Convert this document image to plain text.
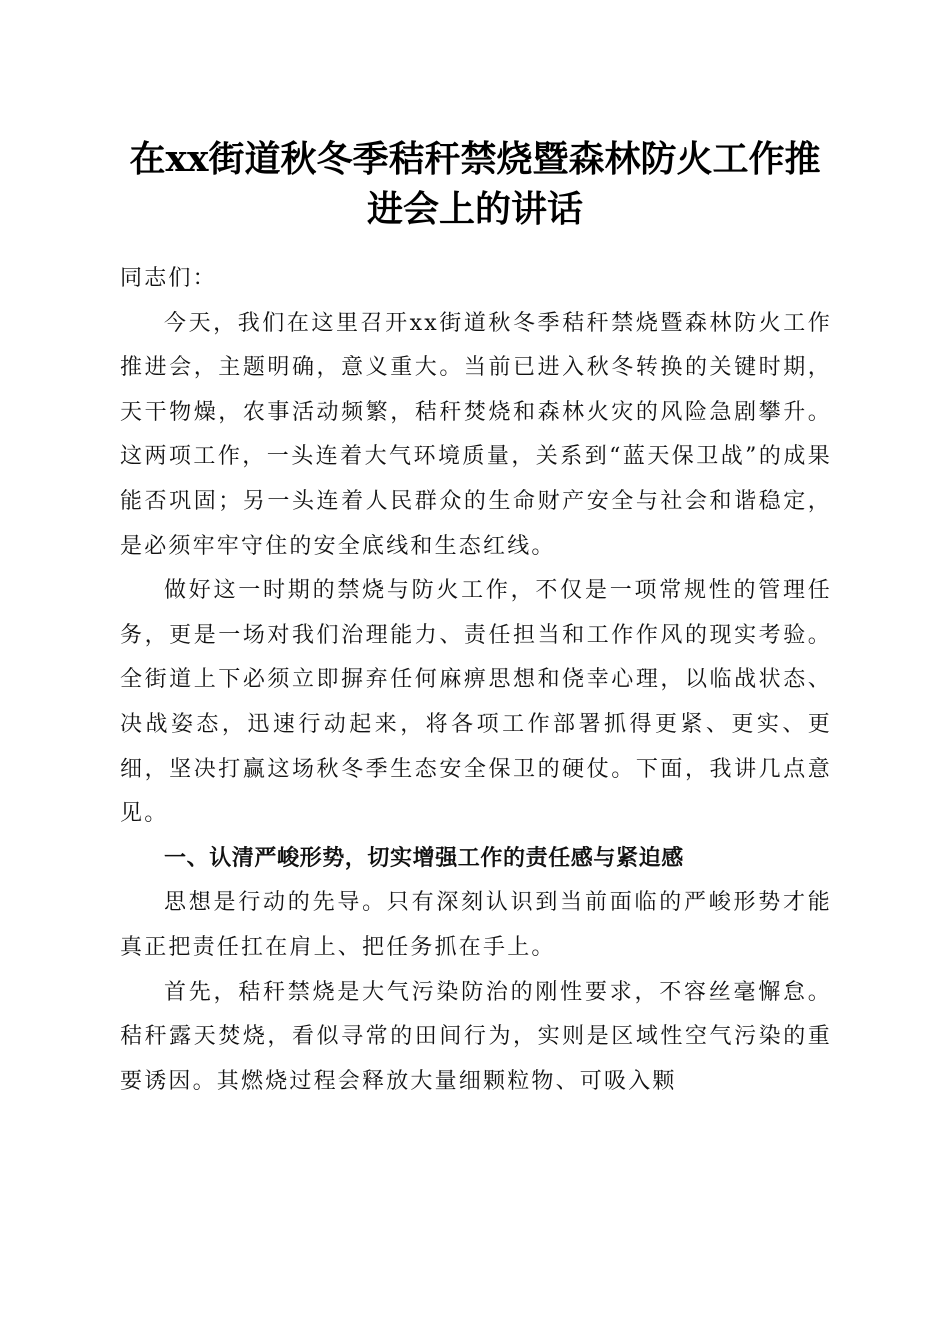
在xx街道秋冬季秸秆禁烧暨森林防火工作推
进会上的讲话

同志们：

今天，我们在这里召开xx街道秋冬季秸秆禁烧暨森林防火工作推进会，主题明确，意义重大。当前已进入秋冬转换的关键时期，天干物燥，农事活动频繁，秸秆焚烧和森林火灾的风险急剧攀升。这两项工作，一头连着大气环境质量，关系到“蓝天保卫战”的成果能否巩固；另一头连着人民群众的生命财产安全与社会和谐稳定，是必须牢牢守住的安全底线和生态红线。

做好这一时期的禁烧与防火工作，不仅是一项常规性的管理任务，更是一场对我们治理能力、责任担当和工作作风的现实考验。全街道上下必须立即摒弃任何麻痹思想和侥幸心理，以临战状态、决战姿态，迅速行动起来，将各项工作部署抓得更紧、更实、更细，坚决打赢这场秋冬季生态安全保卫的硬仗。下面，我讲几点意见。

一、认清严峻形势，切实增强工作的责任感与紧迫感

思想是行动的先导。只有深刻认识到当前面临的严峻形势才能真正把责任扛在肩上、把任务抓在手上。

首先，秸秆禁烧是大气污染防治的刚性要求，不容丝毫懈怠。秸秆露天焚烧，看似寻常的田间行为，实则是区域性空气污染的重要诱因。其燃烧过程会释放大量细颗粒物、可吸入颗
